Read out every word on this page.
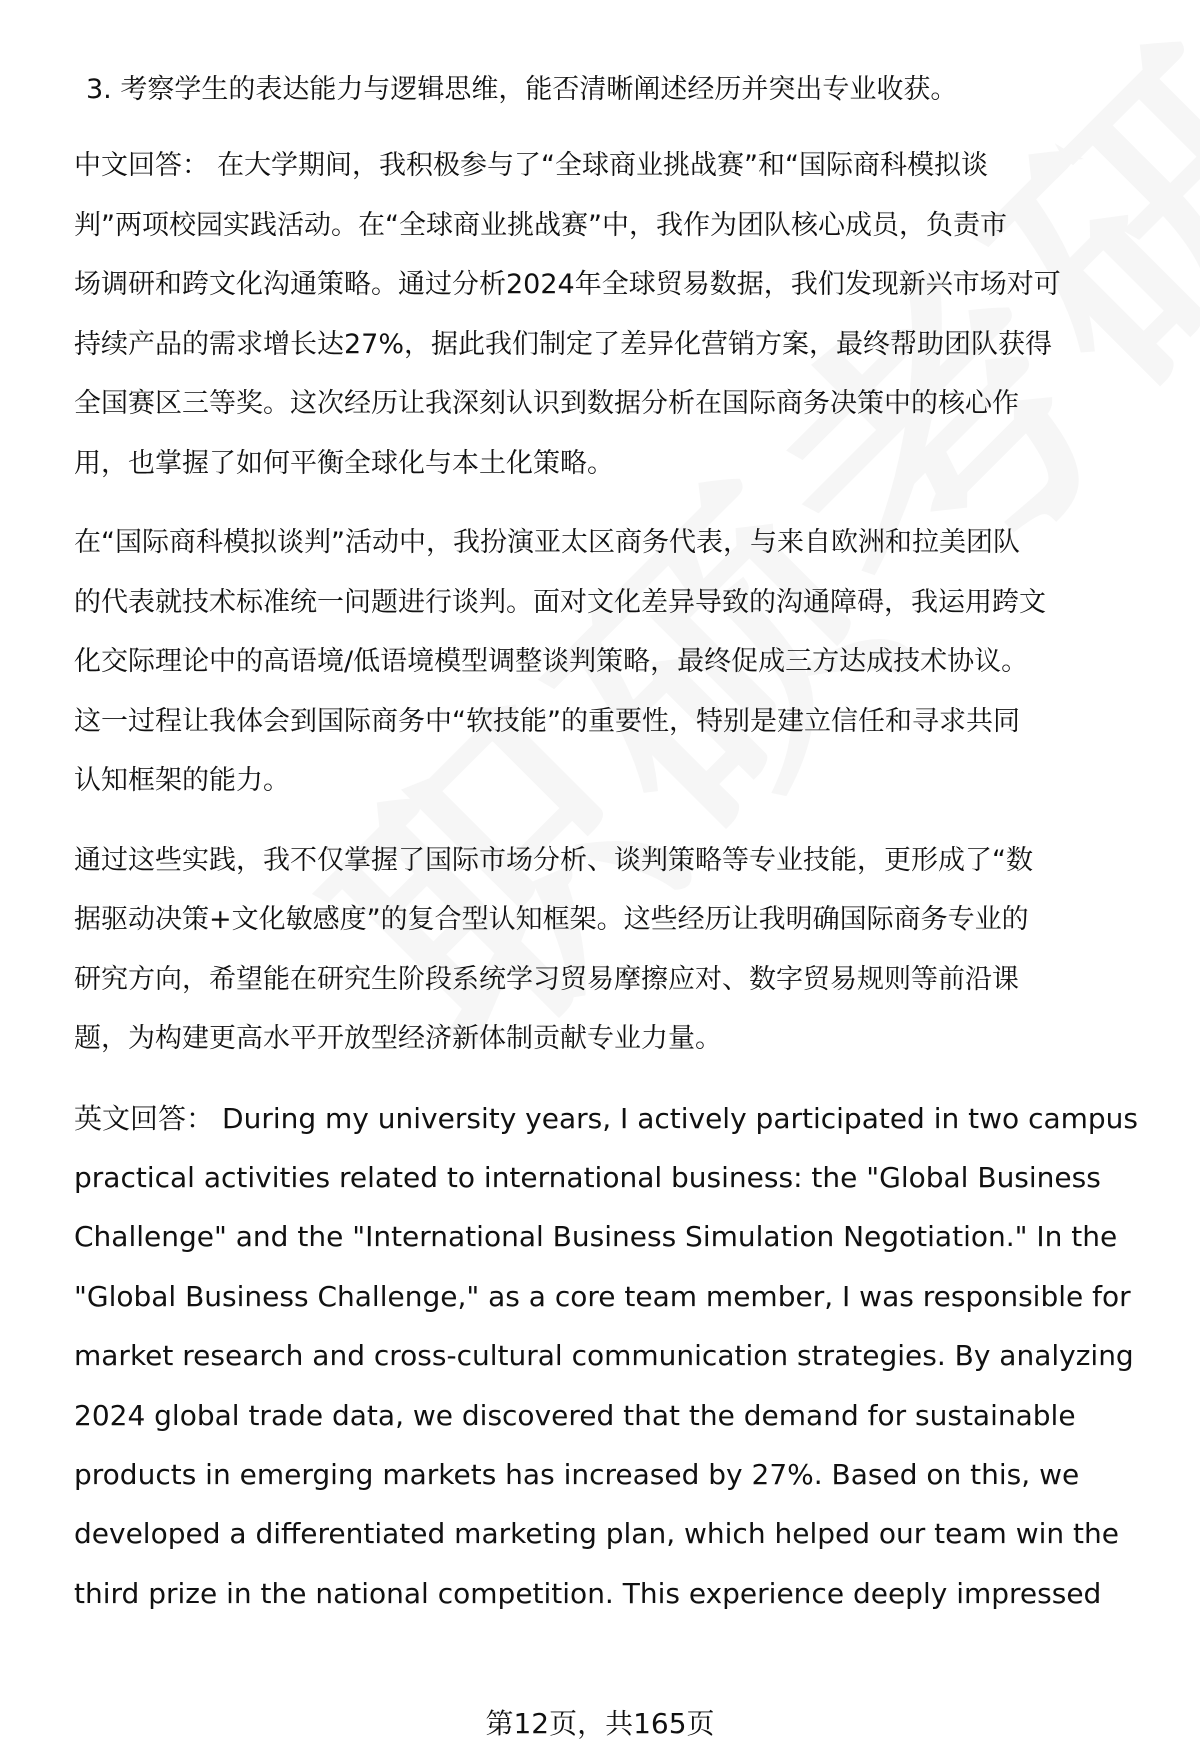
3. 考察学生的表达能力与逻辑思维，能否清晰阐述经历并突出专业收获。
中文回答： 在大学期间，我积极参与了“全球商业挑战赛”和“国际商科模拟谈
判”两项校园实践活动。在“全球商业挑战赛”中，我作为团队核心成员，负责市
场调研和跨文化沟通策略。通过分析2024年全球贸易数据，我们发现新兴市场对可
持续产品的需求增长达27%，据此我们制定了差异化营销方案，最终帮助团队获得
全国赛区三等奖。这次经历让我深刻认识到数据分析在国际商务决策中的核心作
用，也掌握了如何平衡全球化与本土化策略。
在“国际商科模拟谈判”活动中，我扮演亚太区商务代表，与来自欧洲和拉美团队
的代表就技术标准统一问题进行谈判。面对文化差异导致的沟通障碍，我运用跨文
化交际理论中的高语境/低语境模型调整谈判策略，最终促成三方达成技术协议。
这一过程让我体会到国际商务中“软技能”的重要性，特别是建立信任和寻求共同
认知框架的能力。
通过这些实践，我不仅掌握了国际市场分析、谈判策略等专业技能，更形成了“数
据驱动决策+文化敏感度”的复合型认知框架。这些经历让我明确国际商务专业的
研究方向，希望能在研究生阶段系统学习贸易摩擦应对、数字贸易规则等前沿课
题，为构建更高水平开放型经济新体制贡献专业力量。
英文回答： During my university years, I actively participated in two campus
practical activities related to international business: the "Global Business
Challenge" and the "International Business Simulation Negotiation." In the
"Global Business Challenge," as a core team member, I was responsible for
market research and cross-cultural communication strategies. By analyzing
2024 global trade data, we discovered that the demand for sustainable
products in emerging markets has increased by 27%. Based on this, we
developed a differentiated marketing plan, which helped our team win the
third prize in the national competition. This experience deeply impressed
第12页，共165页
